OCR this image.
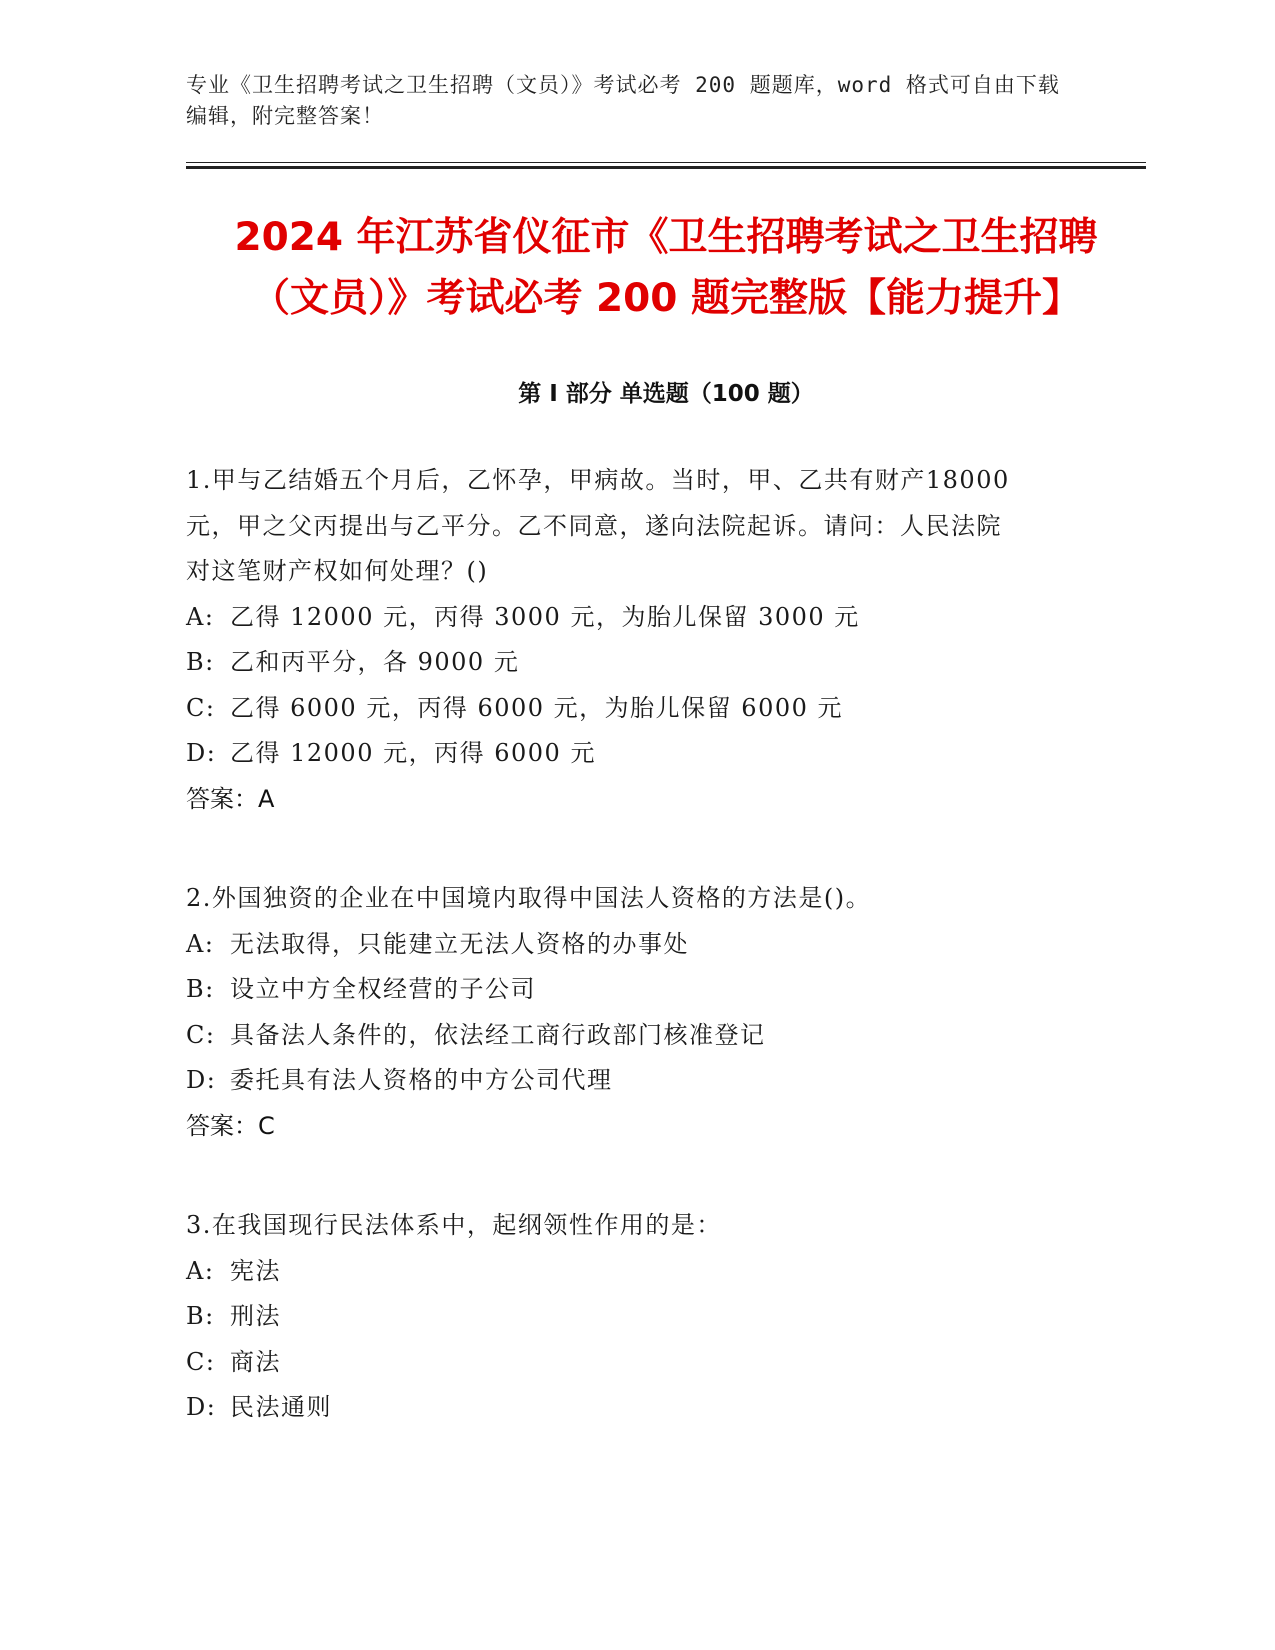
专业《卫生招聘考试之卫生招聘（文员）》考试必考 200 题题库，word 格式可自由下载编辑，附完整答案！

2024 年江苏省仪征市《卫生招聘考试之卫生招聘（文员）》考试必考 200 题完整版【能力提升】
第 I 部分 单选题（100 题）

1.甲与乙结婚五个月后，乙怀孕，甲病故。当时，甲、乙共有财产18000 元，甲之父丙提出与乙平分。乙不同意，遂向法院起诉。请问：人民法院对这笔财产权如何处理？()

A: 乙得 12000 元，丙得 3000 元，为胎儿保留 3000 元
B: 乙和丙平分，各 9000 元
C: 乙得 6000 元，丙得 6000 元，为胎儿保留 6000 元
D: 乙得 12000 元，丙得 6000 元

答案：A

2.外国独资的企业在中国境内取得中国法人资格的方法是()。

A: 无法取得，只能建立无法人资格的办事处
B: 设立中方全权经营的子公司
C: 具备法人条件的，依法经工商行政部门核准登记
D: 委托具有法人资格的中方公司代理

答案：C

3.在我国现行民法体系中，起纲领性作用的是：

A: 宪法
B: 刑法
C: 商法
D: 民法通则
